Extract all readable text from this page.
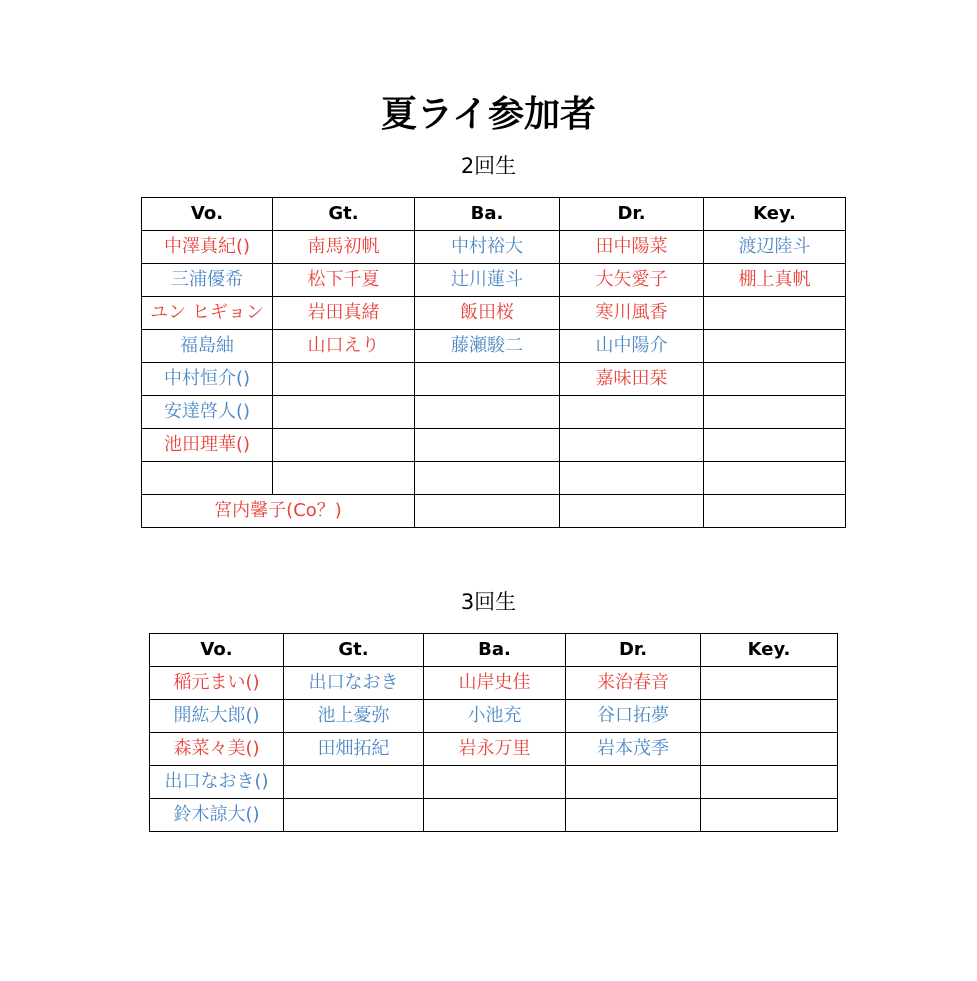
夏ライ参加者
2回生
3回生
Vo.	Gt.	Ba.	Dr.	Key.
中澤真紀()	南馬初帆	中村裕大	田中陽菜	渡辺陸斗
三浦優希	松下千夏	辻川蓮斗	大矢愛子	棚上真帆
ユン ヒギョン	岩田真緒	飯田桜	寒川風香	
福島紬	山口えり	藤瀬駿二	山中陽介	
中村恒介()			嘉味田栞	
安達啓人()				
池田理華()				

宮内馨子(Co？)				
Vo.	Gt.	Ba.	Dr.	Key.
稲元まい()	出口なおき	山岸史佳	来治春音	
開紘大郎()	池上憂弥	小池充	谷口拓夢	
森菜々美()	田畑拓紀	岩永万里	岩本茂季	
出口なおき()				
鈴木諒大()				
